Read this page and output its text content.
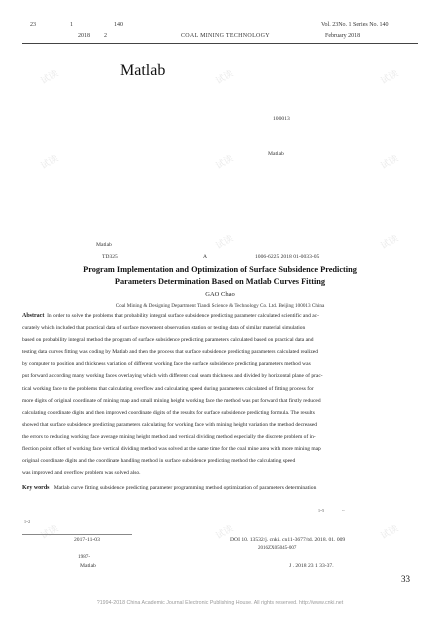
23	1	140
2018 2	COAL MINING TECHNOLOGY
Vol. 23No. 1 Series No. 140
February 2018
试读	试读	试读
试读	试读	试读
试读	试读
试读	试读	试读
Matlab
100013
Matlab
Matlab
TD325	A	1006-6225 2018 01-0033-05
Program Implementation and Optimization of Surface Subsidence Predicting
Parameters Determination Based on Matlab Curves Fitting
GAO Chao
Coal Mining & Designing Department Tiandi Science & Technology Co. Ltd. Beijing 100013 China
Abstract In order to solve the problems that probability integral surface subsidence predicting parameter calculated scientific and ac-
curately which included that practical data of surface movement observation station or testing data of similar material simulation
based on probability integral method the program of surface subsidence predicting parameters calculated based on practical data and
testing data curves fitting was coding by Matlab and then the process that surface subsidence predicting parameters calculated realized
by computer to position and thickness variation of different working face the surface subsidence predicting parameters method was
put forward according many working faces overlaying which with different coal seam thickness and divided by horizontal plane of prac-
tical working face to the problems that calculating overflow and calculating speed during parameters calculated of fitting process for
more digits of original coordinate of mining map and small mining height working face the method was put forward that firstly reduced
calculating coordinate digits and then improved coordinate digits of the results for surface subsidence predicting formula. The results
showed that surface subsidence predicting parameters calculating for working face with mining height variation the method decreased
the errors to reducing working face average mining height method and vertical dividing method especially the discrete problem of in-
flection point offset of working face vertical dividing method was solved at the same time for the coal mine area with more mining map
original coordinate digits and the coordinate handling method in surface subsidence predicting method the calculating speed
was improved and overflow problem was solved also.
Key words Matlab curve fitting subsidence predicting parameter programming method optimization of parameters determination
1~5	--
1~2
2017-11-03	DOI 10. 13532/j. cnki. cn11-3677/td. 2018. 01. 009
2016ZX05045-007
1987-
Matlab	J . 2018 23 1 33-37.
33
?1994-2018 China Academic Journal Electronic Publishing House. All rights reserved. http://www.cnki.net
